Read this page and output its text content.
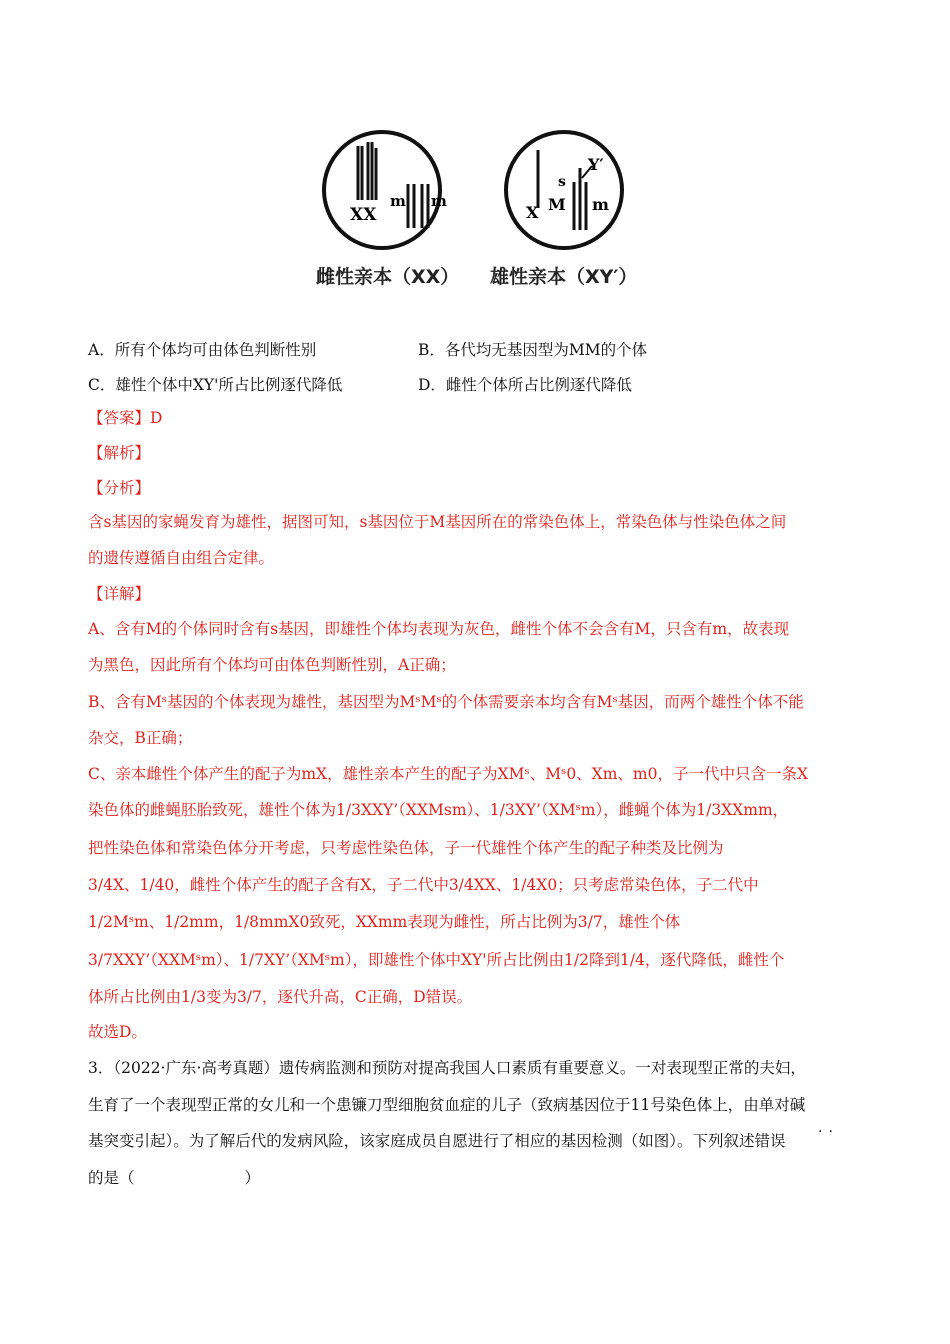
XX
m m
X
s
M
Y′
m
雌性亲本（XX） 雄性亲本（XY′）
A．所有个体均可由体色判断性别	B．各代均无基因型为MM的个体
C．雄性个体中XY'所占比例逐代降低	D．雌性个体所占比例逐代降低
【答案】D
【解析】
【分析】
含s基因的家蝇发育为雄性，据图可知，s基因位于M基因所在的常染色体上，常染色体与性染色体之间
的遗传遵循自由组合定律。
【详解】
A、含有M的个体同时含有s基因，即雄性个体均表现为灰色，雌性个体不会含有M，只含有m，故表现
为黑色，因此所有个体均可由体色判断性别，A正确；
B、含有Mˢ基因的个体表现为雄性，基因型为MˢMˢ的个体需要亲本均含有Mˢ基因，而两个雄性个体不能
杂交，B正确；
C、亲本雌性个体产生的配子为mX，雄性亲本产生的配子为XMˢ、Mˢ0、Xm、m0，子一代中只含一条X
染色体的雌蝇胚胎致死，雄性个体为1/3XXY’（XXMsm）、1/3XY’（XMˢm），雌蝇个体为1/3XXmm，
把性染色体和常染色体分开考虑，只考虑性染色体，子一代雄性个体产生的配子种类及比例为
3/4X、1/40，雌性个体产生的配子含有X，子二代中3/4XX、1/4X0；只考虑常染色体，子二代中
1/2Mˢm、1/2mm，1/8mmX0致死，XXmm表现为雌性，所占比例为3/7，雄性个体
3/7XXY’（XXMˢm）、1/7XY’（XMˢm），即雄性个体中XY'所占比例由1/2降到1/4，逐代降低，雌性个
体所占比例由1/3变为3/7，逐代升高，C正确，D错误。
故选D。
3．（2022·广东·高考真题）遗传病监测和预防对提高我国人口素质有重要意义。一对表现型正常的夫妇，
生育了一个表现型正常的女儿和一个患镰刀型细胞贫血症的儿子（致病基因位于11号染色体上，由单对碱
基突变引起）。为了解后代的发病风险，该家庭成员自愿进行了相应的基因检测（如图）。下列叙述错误	··
的是（	）
